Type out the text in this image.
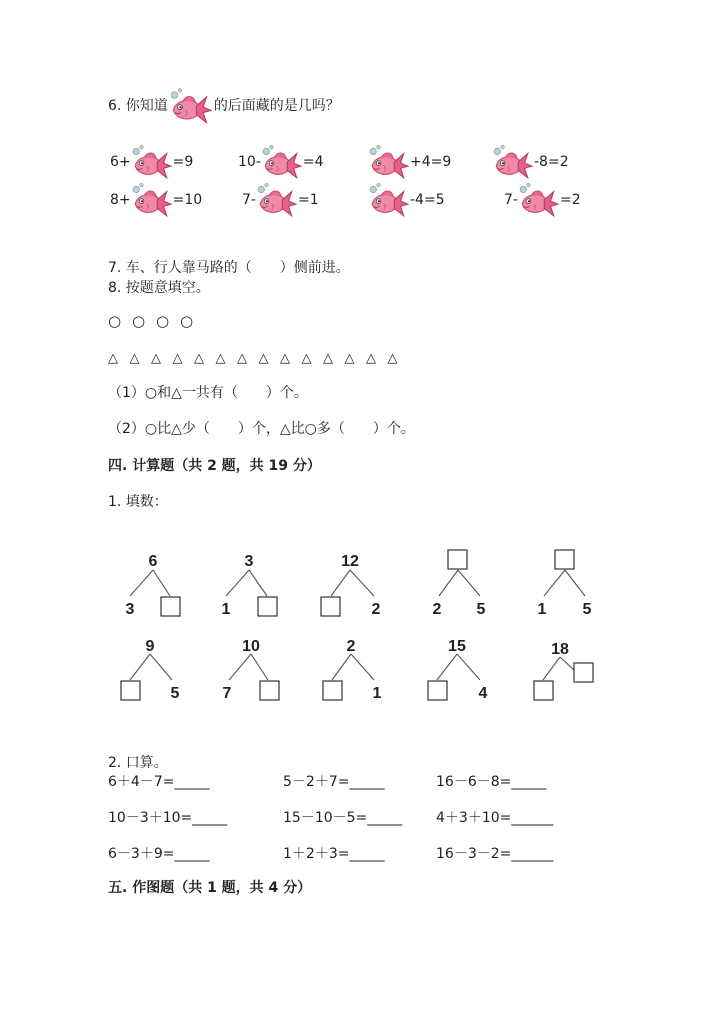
6. 你知道	的后面藏的是几吗？
6+	=9	10-	=4	+4=9	-8=2
8+	=10	7-	=1	-4=5	7-	=2
7. 车、行人靠马路的（　　）侧前进。
8. 按题意填空。
○ ○ ○ ○
△ △ △ △ △ △ △ △ △ △ △ △ △ △
（1）○和△一共有（　　）个。
（2）○比△少（　　）个，△比○多（　　）个。
四. 计算题（共 2 题，共 19 分）
1. 填数：
6
3
3
1
12
2	2 5	1 5
9
5
10
7
2
1
15
4
18
2. 口算。
6＋4－7=_____	5－2＋7=_____	16－6－8=_____
10－3＋10=_____	15－10－5=_____ 4＋3＋10=______
6－3＋9=_____	1＋2＋3=_____	16－3－2=______
五. 作图题（共 1 题，共 4 分）
